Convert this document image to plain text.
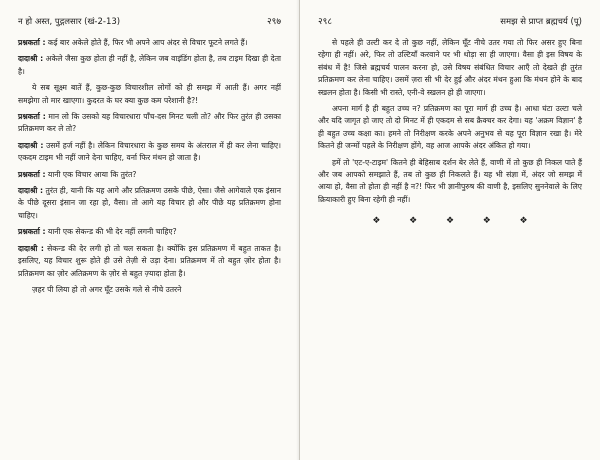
न हो अस्त, पुद्गलसार (खं-2-13)	२९७

प्रश्नकर्ता : कई बार अकेले होते हैं, फिर भी अपने आप अंदर से विचार फूटने लगते हैं।

दादाश्री : अकेले जैसा कुछ होता ही नहीं है, लेकिन जब वाइंडिंग होता है, तब टाइम दिखा ही देता है।

ये सब सूक्ष्म बातें हैं, कुछ-कुछ विचारशील लोगों को ही समझ में आती हैं। अगर नहीं समझेगा तो मार खाएगा। कुदरत के घर क्या कुछ कम परेशानी है?!

प्रश्नकर्ता : मान लो कि उसको यह विचारधारा पाँच-दस मिनट चली तो? और फिर तुरंत ही उसका प्रतिक्रमण कर ले तो?

दादाश्री : उसमें हर्ज नहीं है। लेकिन विचारधारा के कुछ समय के अंतराल में ही कर लेना चाहिए। एकदम टाइम भी नहीं जाने देना चाहिए, वर्ना फिर मंथन हो जाता है।

प्रश्नकर्ता : यानी एक विचार आया कि तुरंत?

दादाश्री : तुरंत ही, यानी कि यह आगे और प्रतिक्रमण उसके पीछे, ऐसा। जैसे आगेवाले एक इंसान के पीछे दूसरा इंसान जा रहा हो, वैसा। तो आगे यह विचार हो और पीछे यह प्रतिक्रमण होना चाहिए।

प्रश्नकर्ता : यानी एक सेकन्ड की भी देर नहीं लगनी चाहिए?

दादाश्री : सेकन्ड की देर लगी हो तो चल सकता है। क्योंकि इस प्रतिक्रमण में बहुत ताकत है। इसलिए, यह विचार शुरू होते ही उसे तेज़ी से उड़ा देना। प्रतिक्रमण में तो बहुत ज़ोर होता है। प्रतिक्रमण का ज़ोर अतिक्रमण के ज़ोर से बहुत ज़्यादा होता है।

ज़हर पी लिया हो तो अगर घूँट उसके गले से नीचे उतरने

२९८	समझ से प्राप्त ब्रह्मचर्य (पू)

से पहले ही उल्टी कर दे तो कुछ नहीं, लेकिन घूँट नीचे उतर गया तो फिर असर हुए बिना रहेगा ही नहीं। अरे, फिर तो उल्टियाँ करवाने पर भी थोड़ा सा ही जाएगा। वैसा ही इस विषय के संबंध में है! जिसे ब्रह्मचर्य पालन करना हो, उसे विषय संबंधित विचार आएँ तो देखते ही तुरंत प्रतिक्रमण कर लेना चाहिए। उसमें ज़रा सी भी देर हुई और अंदर मंथन हुआ कि मंथन होने के बाद स्खलन होता है। किसी भी रास्ते, एनी-वे स्खलन हो ही जाएगा।

अपना मार्ग है ही बहुत उच्च न? प्रतिक्रमण का पूरा मार्ग ही उच्च है। आधा घंटा उल्टा चले और यदि जागृत हो जाए तो दो मिनट में ही एकदम से सब क्रैक्चर कर देगा। यह 'अक्रम विज्ञान' है ही बहुत उच्च कक्षा का। हमने तो निरीक्षण करके अपने अनुभव से यह पूरा विज्ञान रखा है। मेरे कितने ही जन्मों पहले के निरीक्षण होंगे, वह आज आपके अंदर अंकित हो गया।

हमें तो 'एट-ए-टाइम' कितने ही बेहिसाब दर्शन बेर लेते हैं, वाणी में तो कुछ ही निकल पाते हैं और जब आपको समझाते हैं, तब तो कुछ ही निकलते हैं। यह भी संज्ञा में, अंदर जो समझ में आया हो, वैसा तो होता ही नहीं है न?! फिर भी ज्ञानीपुरुष की वाणी है, इसलिए सुननेवाले के लिए क्रियाकारी हुए बिना रहेगी ही नहीं।

❖	❖	❖	❖	❖
